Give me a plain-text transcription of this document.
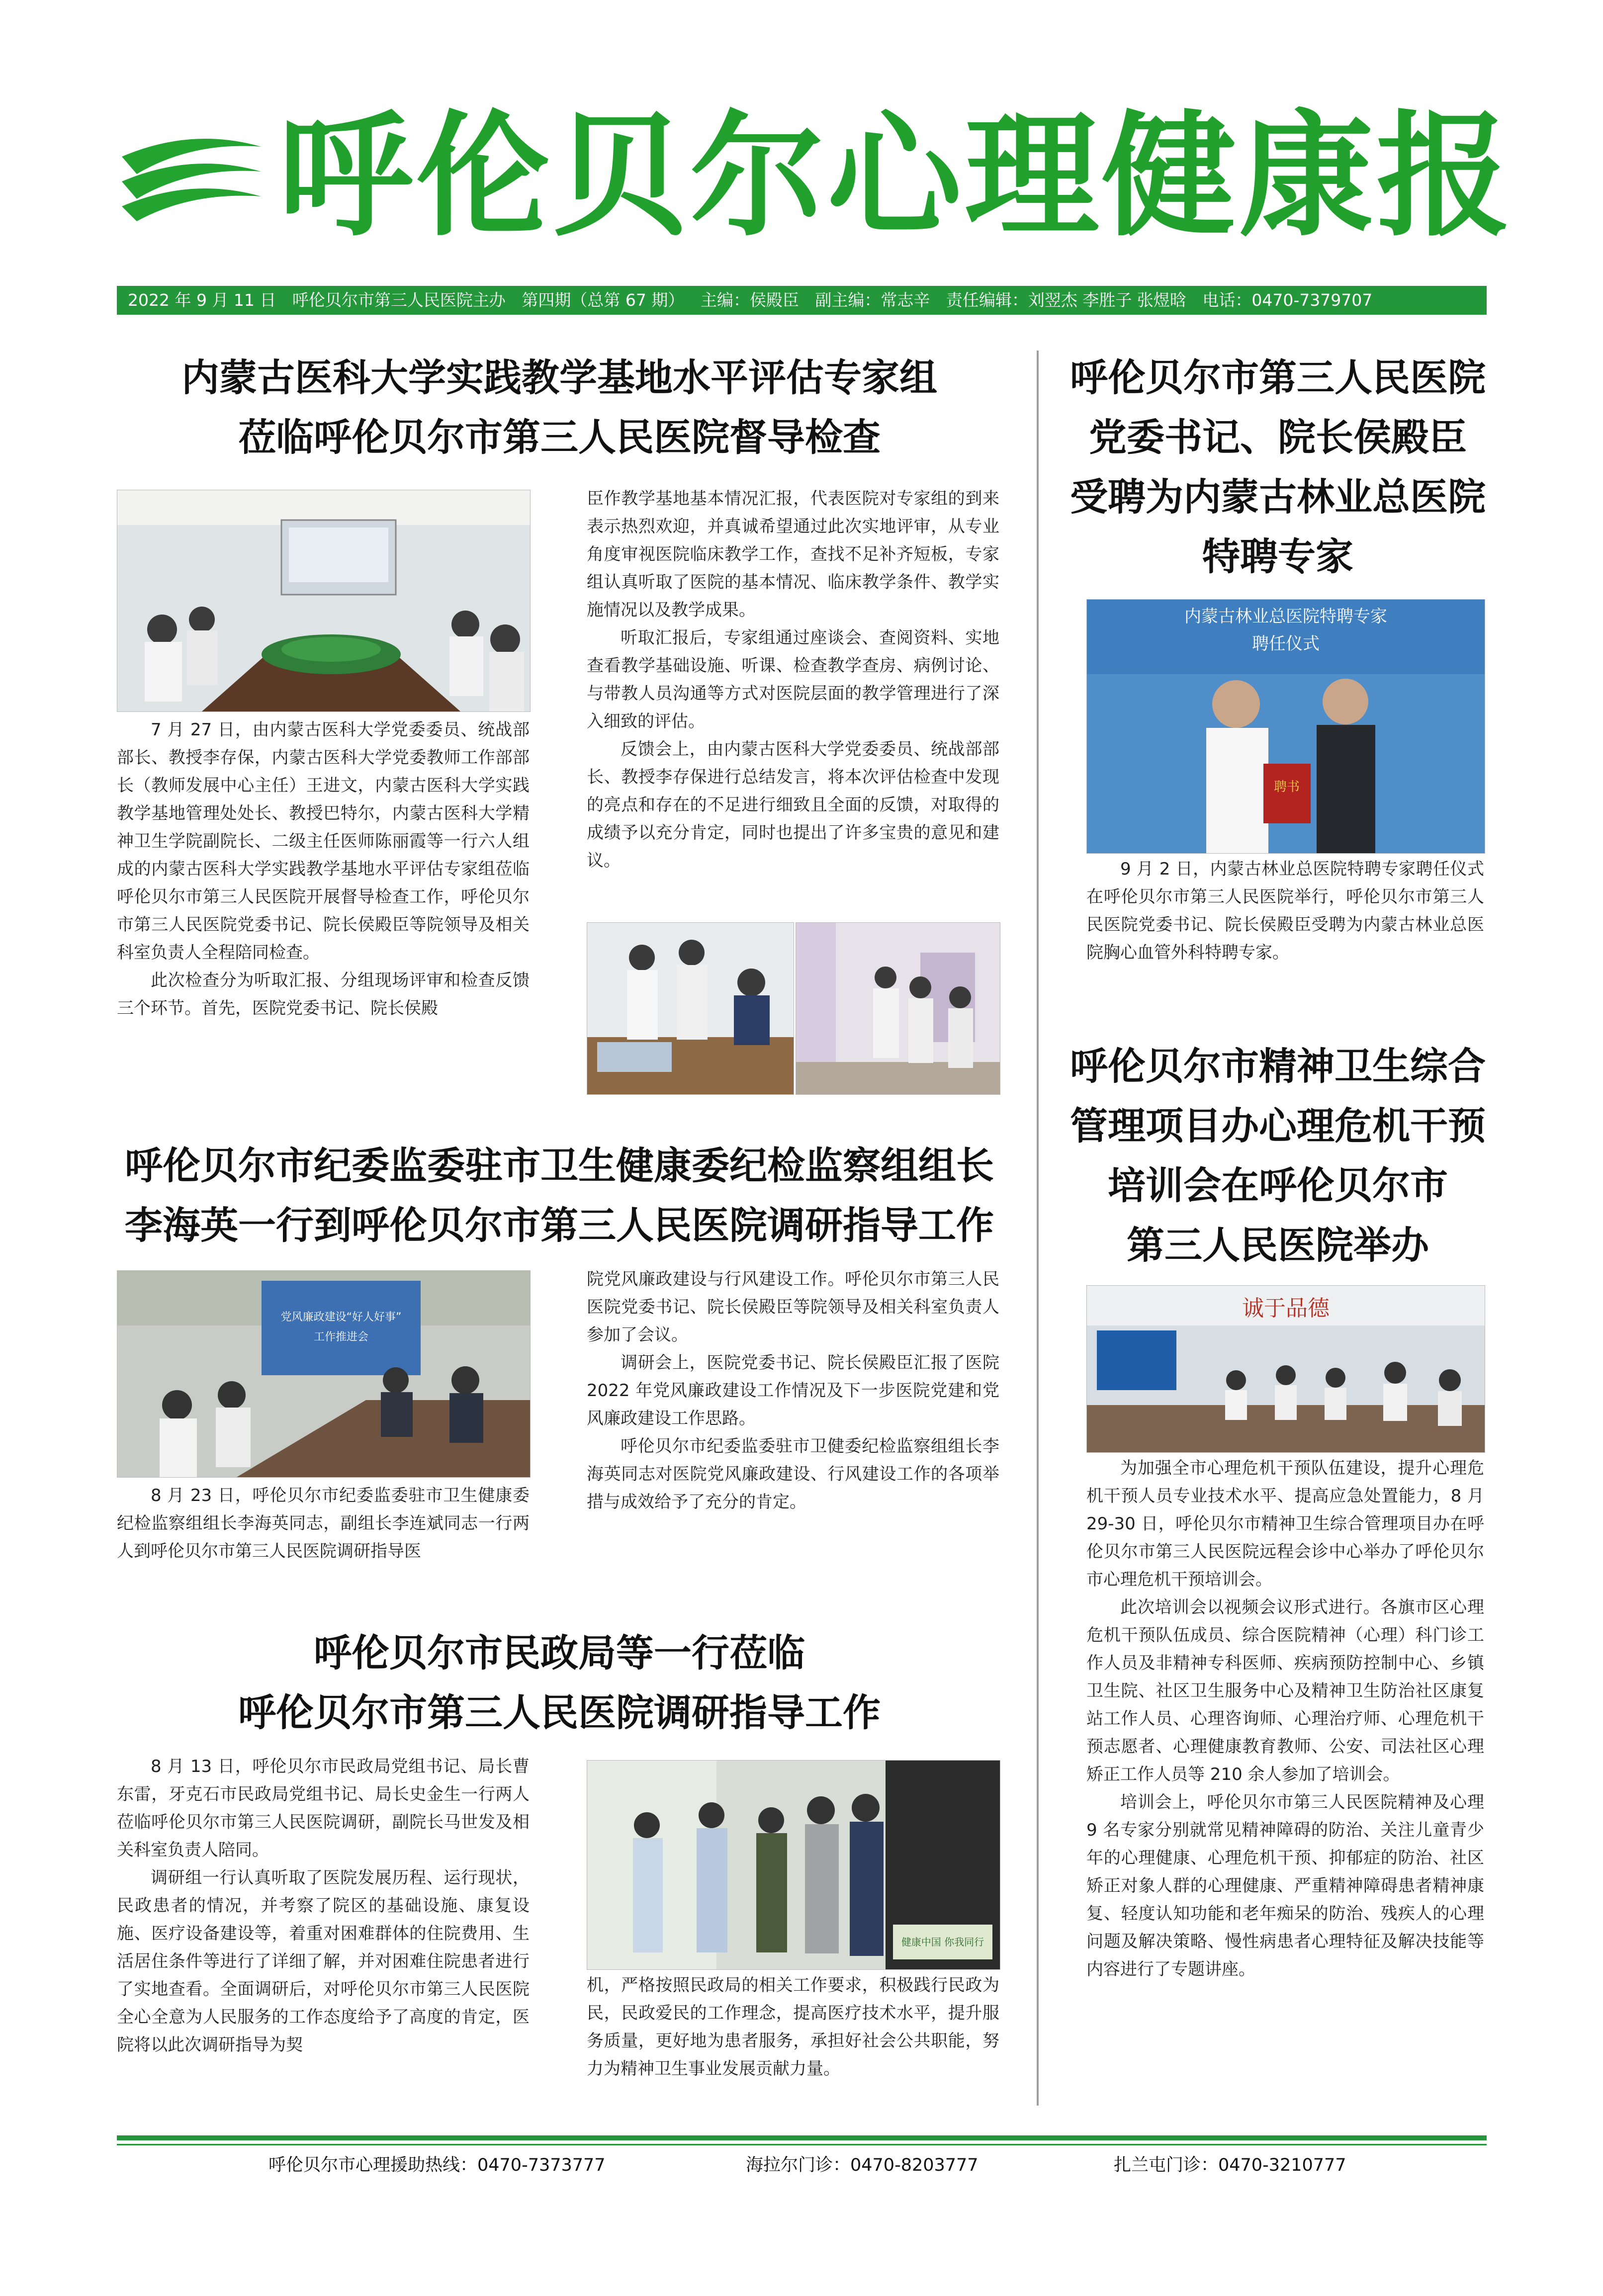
呼伦贝尔心理健康报
2022 年 9 月 11 日 呼伦贝尔市第三人民医院主办 第四期（总第 67 期） 主编：侯殿臣 副主编：常志辛 责任编辑：刘翌杰 李胜子 张煜晗 电话：0470-7379707
内蒙古医科大学实践教学基地水平评估专家组
莅临呼伦贝尔市第三人民医院督导检查

7 月 27 日，由内蒙古医科大学党委委员、统战部部长、教授李存保，内蒙古医科大学党委教师工作部部长（教师发展中心主任）王进文，内蒙古医科大学实践教学基地管理处处长、教授巴特尔，内蒙古医科大学精神卫生学院副院长、二级主任医师陈丽霞等一行六人组成的内蒙古医科大学实践教学基地水平评估专家组莅临呼伦贝尔市第三人民医院开展督导检查工作，呼伦贝尔市第三人民医院党委书记、院长侯殿臣等院领导及相关科室负责人全程陪同检查。

此次检查分为听取汇报、分组现场评审和检查反馈三个环节。首先，医院党委书记、院长侯殿

臣作教学基地基本情况汇报，代表医院对专家组的到来表示热烈欢迎，并真诚希望通过此次实地评审，从专业角度审视医院临床教学工作，查找不足补齐短板，专家组认真听取了医院的基本情况、临床教学条件、教学实施情况以及教学成果。

听取汇报后，专家组通过座谈会、查阅资料、实地查看教学基础设施、听课、检查教学查房、病例讨论、与带教人员沟通等方式对医院层面的教学管理进行了深入细致的评估。

反馈会上，由内蒙古医科大学党委委员、统战部部长、教授李存保进行总结发言，将本次评估检查中发现的亮点和存在的不足进行细致且全面的反馈，对取得的成绩予以充分肯定，同时也提出了许多宝贵的意见和建议。

呼伦贝尔市纪委监委驻市卫生健康委纪检监察组组长
李海英一行到呼伦贝尔市第三人民医院调研指导工作
党风廉政建设“好人好事”
工作推进会

8 月 23 日，呼伦贝尔市纪委监委驻市卫生健康委纪检监察组组长李海英同志，副组长李连斌同志一行两人到呼伦贝尔市第三人民医院调研指导医

院党风廉政建设与行风建设工作。呼伦贝尔市第三人民医院党委书记、院长侯殿臣等院领导及相关科室负责人参加了会议。

调研会上，医院党委书记、院长侯殿臣汇报了医院 2022 年党风廉政建设工作情况及下一步医院党建和党风廉政建设工作思路。

呼伦贝尔市纪委监委驻市卫健委纪检监察组组长李海英同志对医院党风廉政建设、行风建设工作的各项举措与成效给予了充分的肯定。

呼伦贝尔市民政局等一行莅临
呼伦贝尔市第三人民医院调研指导工作

8 月 13 日，呼伦贝尔市民政局党组书记、局长曹东雷，牙克石市民政局党组书记、局长史金生一行两人莅临呼伦贝尔市第三人民医院调研，副院长马世发及相关科室负责人陪同。

调研组一行认真听取了医院发展历程、运行现状，民政患者的情况，并考察了院区的基础设施、康复设施、医疗设备建设等，着重对困难群体的住院费用、生活居住条件等进行了详细了解，并对困难住院患者进行了实地查看。全面调研后，对呼伦贝尔市第三人民医院全心全意为人民服务的工作态度给予了高度的肯定，医院将以此次调研指导为契

健康中国 你我同行

机，严格按照民政局的相关工作要求，积极践行民政为民，民政爱民的工作理念，提高医疗技术水平，提升服务质量，更好地为患者服务，承担好社会公共职能，努力为精神卫生事业发展贡献力量。

呼伦贝尔市第三人民医院
党委书记、院长侯殿臣
受聘为内蒙古林业总医院
特聘专家
内蒙古林业总医院特聘专家
聘任仪式
聘书

9 月 2 日，内蒙古林业总医院特聘专家聘任仪式在呼伦贝尔市第三人民医院举行，呼伦贝尔市第三人民医院党委书记、院长侯殿臣受聘为内蒙古林业总医院胸心血管外科特聘专家。

呼伦贝尔市精神卫生综合
管理项目办心理危机干预
培训会在呼伦贝尔市
第三人民医院举办
诚于品德

为加强全市心理危机干预队伍建设，提升心理危机干预人员专业技术水平、提高应急处置能力，8 月 29-30 日，呼伦贝尔市精神卫生综合管理项目办在呼伦贝尔市第三人民医院远程会诊中心举办了呼伦贝尔市心理危机干预培训会。

此次培训会以视频会议形式进行。各旗市区心理危机干预队伍成员、综合医院精神（心理）科门诊工作人员及非精神专科医师、疾病预防控制中心、乡镇卫生院、社区卫生服务中心及精神卫生防治社区康复站工作人员、心理咨询师、心理治疗师、心理危机干预志愿者、心理健康教育教师、公安、司法社区心理矫正工作人员等 210 余人参加了培训会。

培训会上，呼伦贝尔市第三人民医院精神及心理 9 名专家分别就常见精神障碍的防治、关注儿童青少年的心理健康、心理危机干预、抑郁症的防治、社区矫正对象人群的心理健康、严重精神障碍患者精神康复、轻度认知功能和老年痴呆的防治、残疾人的心理问题及解决策略、慢性病患者心理特征及解决技能等内容进行了专题讲座。

呼伦贝尔市心理援助热线：0470-7373777	海拉尔门诊：0470-8203777	扎兰屯门诊：0470-3210777
